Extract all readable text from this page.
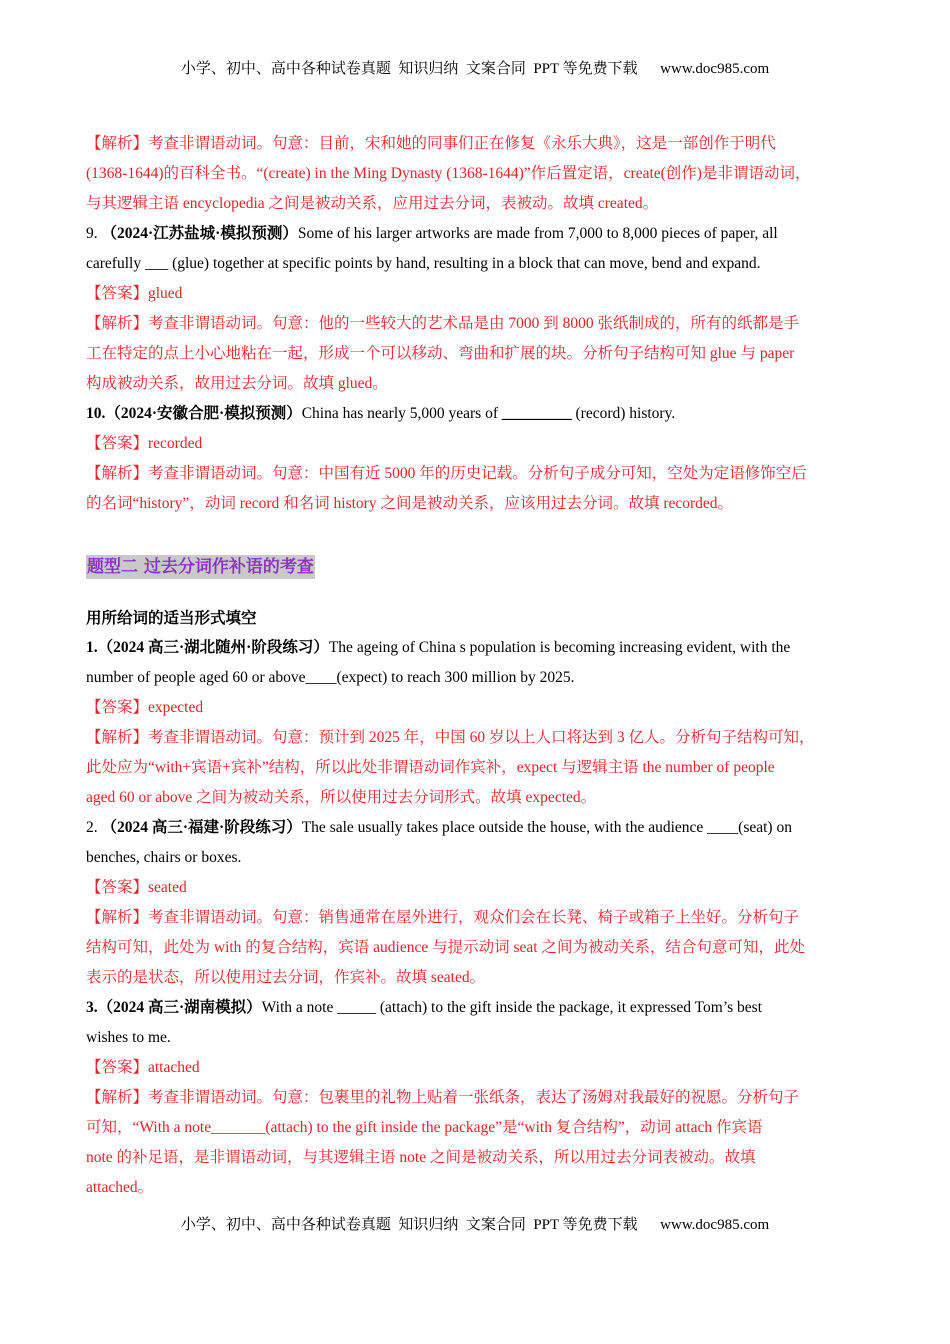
小学、初中、高中各种试卷真题  知识归纳  文案合同  PPT 等免费下载      www.doc985.com
【解析】考查非谓语动词。句意：目前，宋和她的同事们正在修复《永乐大典》，这是一部创作于明代
(1368-1644)的百科全书。“(create) in the Ming Dynasty (1368-1644)”作后置定语，create(创作)是非谓语动词，
与其逻辑主语 encyclopedia 之间是被动关系，应用过去分词，表被动。故填 created。
9. （2024·江苏盐城·模拟预测）Some of his larger artworks are made from 7,000 to 8,000 pieces of paper, all
carefully ___ (glue) together at specific points by hand, resulting in a block that can move, bend and expand.
【答案】glued
【解析】考查非谓语动词。句意：他的一些较大的艺术品是由 7000 到 8000 张纸制成的，所有的纸都是手
工在特定的点上小心地粘在一起，形成一个可以移动、弯曲和扩展的块。分析句子结构可知 glue 与 paper
构成被动关系，故用过去分词。故填 glued。
10.（2024·安徽合肥·模拟预测）China has nearly 5,000 years of _________ (record) history.
【答案】recorded
【解析】考查非谓语动词。句意：中国有近 5000 年的历史记载。分析句子成分可知，空处为定语修饰空后
的名词“history”，动词 record 和名词 history 之间是被动关系，应该用过去分词。故填 recorded。
题型二 过去分词作补语的考查
用所给词的适当形式填空
1.（2024 高三·湖北随州·阶段练习）The ageing of China s population is becoming increasing evident, with the
number of people aged 60 or above____(expect) to reach 300 million by 2025.
【答案】expected
【解析】考查非谓语动词。句意：预计到 2025 年，中国 60 岁以上人口将达到 3 亿人。分析句子结构可知，
此处应为“with+宾语+宾补”结构，所以此处非谓语动词作宾补，expect 与逻辑主语 the number of people
aged 60 or above 之间为被动关系，所以使用过去分词形式。故填 expected。
2. （2024 高三·福建·阶段练习）The sale usually takes place outside the house, with the audience ____(seat) on
benches, chairs or boxes.
【答案】seated
【解析】考查非谓语动词。句意：销售通常在屋外进行，观众们会在长凳、椅子或箱子上坐好。分析句子
结构可知，此处为 with 的复合结构，宾语 audience 与提示动词 seat 之间为被动关系，结合句意可知，此处
表示的是状态，所以使用过去分词，作宾补。故填 seated。
3.（2024 高三·湖南模拟）With a note _____ (attach) to the gift inside the package, it expressed Tom’s best
wishes to me.
【答案】attached
【解析】考查非谓语动词。句意：包裹里的礼物上贴着一张纸条，表达了汤姆对我最好的祝愿。分析句子
可知，“With a note_______(attach) to the gift inside the package”是“with 复合结构”，动词 attach 作宾语
note 的补足语，是非谓语动词，与其逻辑主语 note 之间是被动关系，所以用过去分词表被动。故填
attached。
小学、初中、高中各种试卷真题  知识归纳  文案合同  PPT 等免费下载      www.doc985.com
